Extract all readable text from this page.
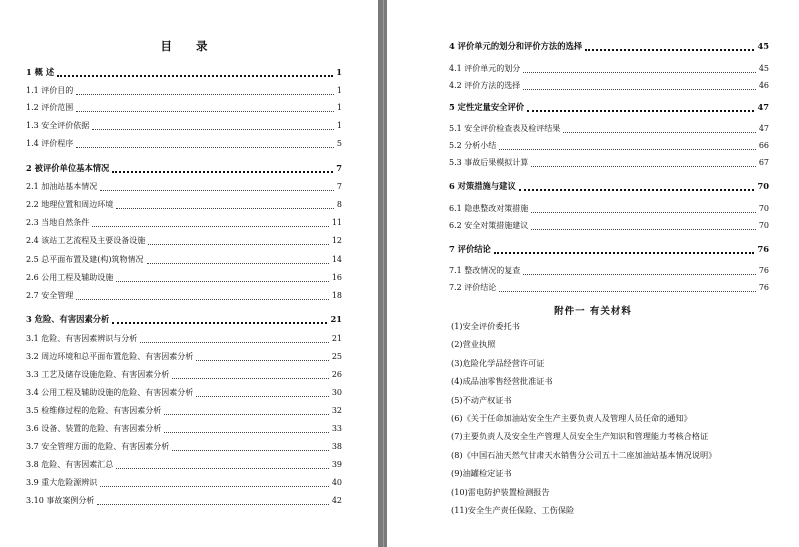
目 录
1 概 述	1
1.1 评价目的	1
1.2 评价范围	1
1.3 安全评价依据	1
1.4 评价程序	5
2 被评价单位基本情况	7
2.1 加油站基本情况	7
2.2 地理位置和周边环境	8
2.3 当地自然条件	11
2.4 该站工艺流程及主要设备设施	12
2.5 总平面布置及建(构)筑物情况	14
2.6 公用工程及辅助设施	16
2.7 安全管理	18
3 危险、有害因素分析	21
3.1 危险、有害因素辨识与分析	21
3.2 周边环境和总平面布置危险、有害因素分析	25
3.3 工艺及储存设施危险、有害因素分析	26
3.4 公用工程及辅助设施的危险、有害因素分析	30
3.5 检维修过程的危险、有害因素分析	32
3.6 设备、装置的危险、有害因素分析	33
3.7 安全管理方面的危险、有害因素分析	38
3.8 危险、有害因素汇总	39
3.9 重大危险源辨识	40
3.10 事故案例分析	42
4 评价单元的划分和评价方法的选择	45
4.1 评价单元的划分	45
4.2 评价方法的选择	46
5 定性定量安全评价	47
5.1 安全评价检查表及检评结果	47
5.2 分析小结	66
5.3 事故后果模拟计算	67
6 对策措施与建议	70
6.1 隐患整改对策措施	70
6.2 安全对策措施建议	70
7 评价结论	76
7.1 整改情况的复查	76
7.2 评价结论	76
附件一 有关材料
(1)安全评价委托书
(2)营业执照
(3)危险化学品经营许可证
(4)成品油零售经营批准证书
(5)不动产权证书
(6)《关于任命加油站安全生产主要负责人及管理人员任命的通知》
(7)主要负责人及安全生产管理人员安全生产知识和管理能力考核合格证
(8)《中国石油天然气甘肃天水销售分公司五十二座加油站基本情况说明》
(9)油罐检定证书
(10)雷电防护装置检测报告
(11)安全生产责任保险、工伤保险
